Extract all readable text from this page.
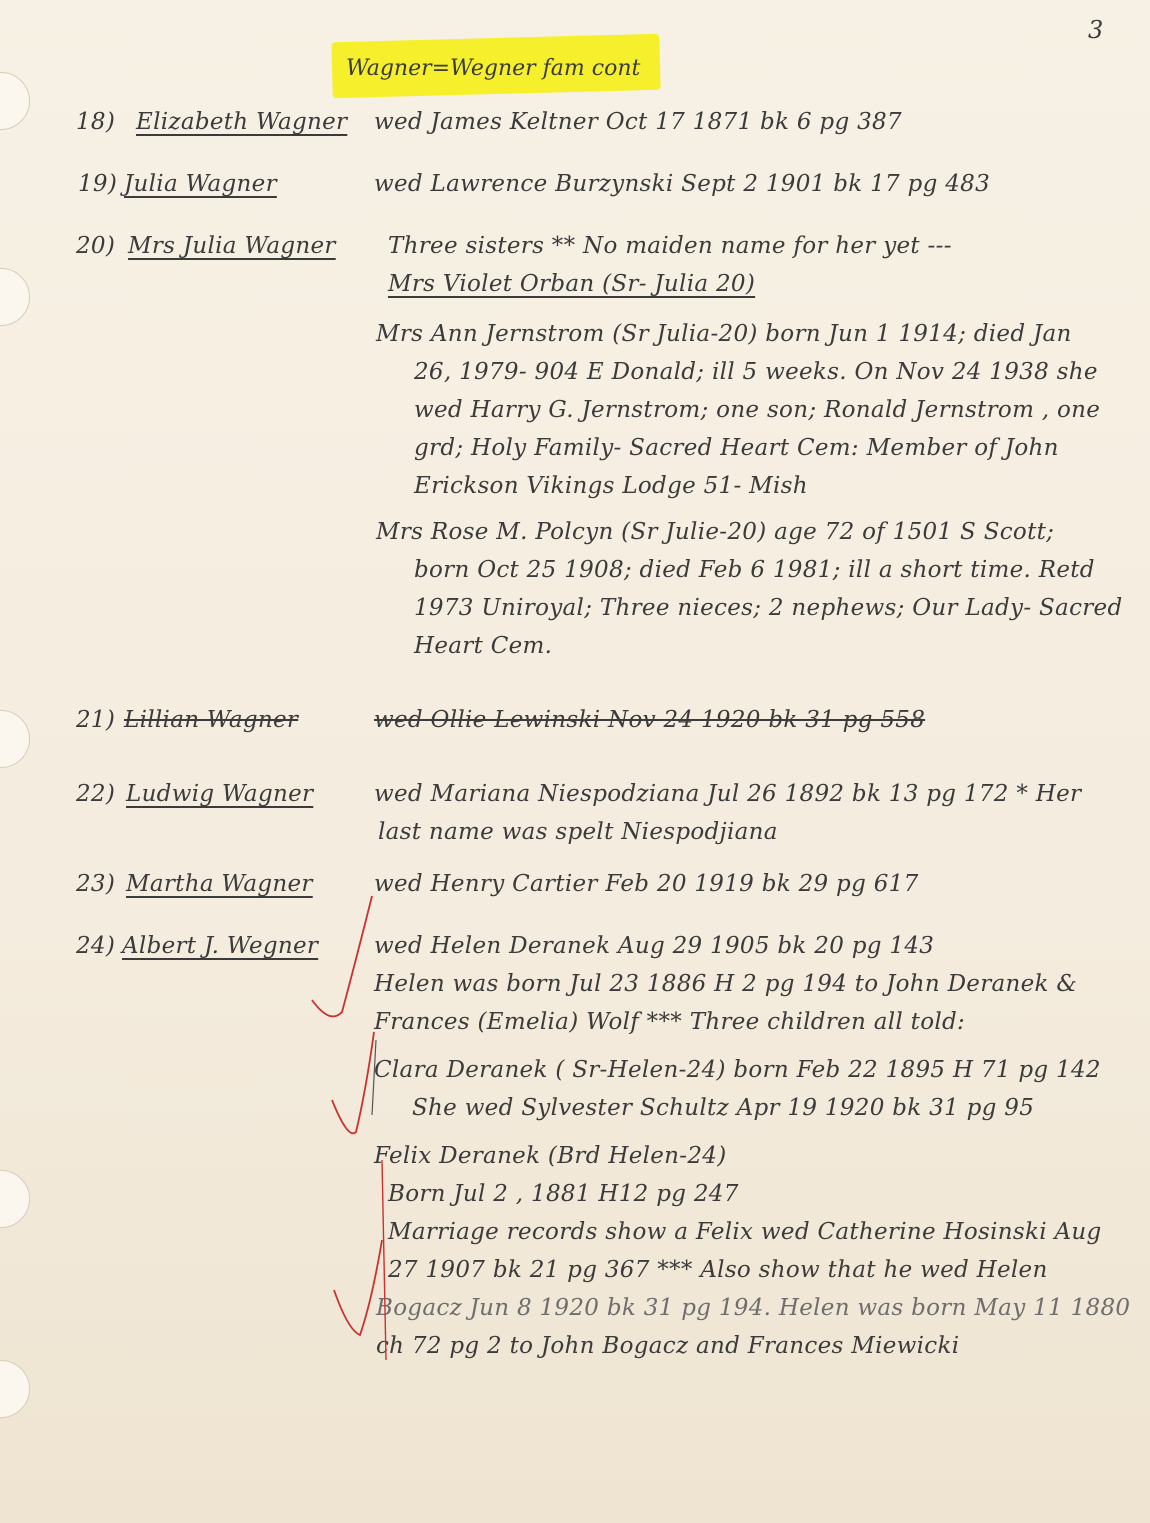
3
Wagner=Wegner fam cont
18) Elizabeth Wagner wed James Keltner Oct 17 1871 bk 6 pg 387
19) Julia Wagner	wed Lawrence Burzynski Sept 2 1901 bk 17 pg 483
20) Mrs Julia Wagner Three sisters ** No maiden name for her yet ---
Mrs Violet Orban (Sr- Julia 20)
Mrs Ann Jernstrom (Sr Julia-20) born Jun 1 1914; died Jan
26, 1979- 904 E Donald; ill 5 weeks. On Nov 24 1938 she
wed Harry G. Jernstrom; one son; Ronald Jernstrom , one
grd; Holy Family- Sacred Heart Cem: Member of John
Erickson Vikings Lodge 51- Mish
Mrs Rose M. Polcyn (Sr Julie-20) age 72 of 1501 S Scott;
born Oct 25 1908; died Feb 6 1981; ill a short time. Retd
1973 Uniroyal; Three nieces; 2 nephews; Our Lady- Sacred
Heart Cem.
21) Lillian Wagner	wed Ollie Lewinski Nov 24 1920 bk 31 pg 558
22) Ludwig Wagner	wed Mariana Niespodziana Jul 26 1892 bk 13 pg 172 * Her
last name was spelt Niespodjiana
23) Martha Wagner	wed Henry Cartier Feb 20 1919 bk 29 pg 617
24) Albert J. Wegner wed Helen Deranek Aug 29 1905 bk 20 pg 143
Helen was born Jul 23 1886 H 2 pg 194 to John Deranek &
Frances (Emelia) Wolf *** Three children all told:
Clara Deranek ( Sr-Helen-24) born Feb 22 1895 H 71 pg 142
She wed Sylvester Schultz Apr 19 1920 bk 31 pg 95
Felix Deranek (Brd Helen-24)
Born Jul 2 , 1881 H12 pg 247
Marriage records show a Felix wed Catherine Hosinski Aug
27 1907 bk 21 pg 367 *** Also show that he wed Helen
Bogacz Jun 8 1920 bk 31 pg 194. Helen was born May 11 1880
ch 72 pg 2 to John Bogacz and Frances Miewicki
